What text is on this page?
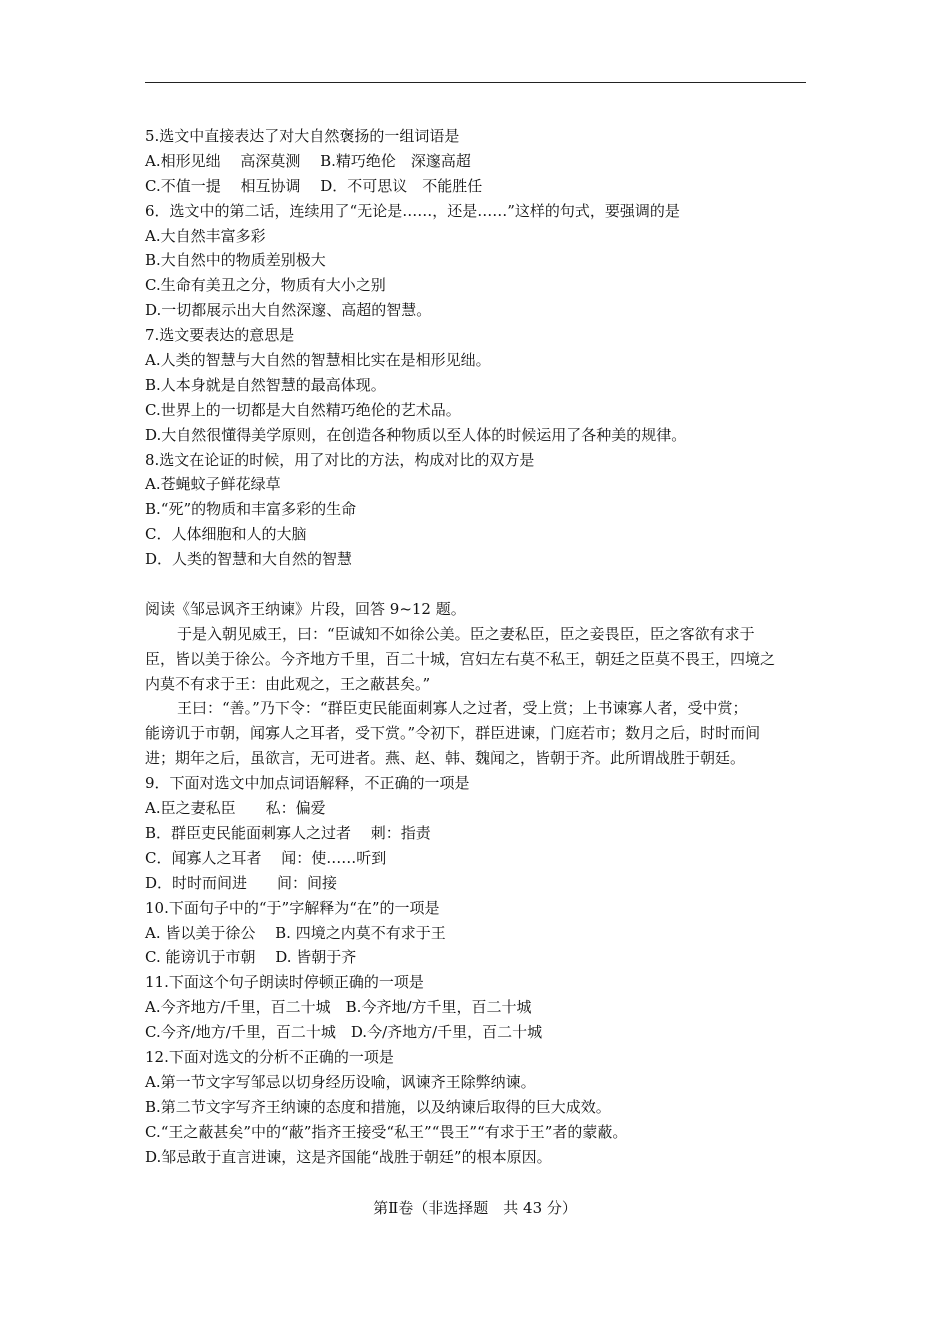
5.选文中直接表达了对大自然褒扬的一组词语是
A.相形见绌　 高深莫测　 B.精巧绝伦　深邃高超
C.不值一提　 相互协调　 D．不可思议　不能胜任
6．选文中的第二话，连续用了“无论是……，还是……”这样的句式，要强调的是
A.大自然丰富多彩
B.大自然中的物质差别极大
C.生命有美丑之分，物质有大小之别
D.一切都展示出大自然深邃、高超的智慧。
7.选文要表达的意思是
A.人类的智慧与大自然的智慧相比实在是相形见绌。
B.人本身就是自然智慧的最高体现。
C.世界上的一切都是大自然精巧绝伦的艺术品。
D.大自然很懂得美学原则，在创造各种物质以至人体的时候运用了各种美的规律。
8.选文在论证的时候，用了对比的方法，构成对比的双方是
A.苍蝇蚊子鲜花绿草
B.“死”的物质和丰富多彩的生命
C．人体细胞和人的大脑
D．人类的智慧和大自然的智慧
阅读《邹忌讽齐王纳谏》片段，回答 9~12 题。
于是入朝见威王，曰：“臣诚知不如徐公美。臣之妻私臣，臣之妾畏臣，臣之客欲有求于
臣，皆以美于徐公。今齐地方千里，百二十城，宫妇左右莫不私王，朝廷之臣莫不畏王，四境之
内莫不有求于王：由此观之，王之蔽甚矣。”
王曰：“善。”乃下令：“群臣吏民能面刺寡人之过者，受上赏；上书谏寡人者，受中赏；
能谤讥于市朝，闻寡人之耳者，受下赏。”令初下，群臣进谏，门庭若市；数月之后，时时而间
进；期年之后，虽欲言，无可进者。燕、赵、韩、魏闻之，皆朝于齐。此所谓战胜于朝廷。
9．下面对选文中加点词语解释，不正确的一项是
A.臣之妻私臣　　私：偏爱
B．群臣吏民能面刺寡人之过者　 刺：指责
C．闻寡人之耳者　 闻：使……听到
D．时时而间进　　间：间接
10.下面句子中的“于”字解释为“在”的一项是
A. 皆以美于徐公　 B. 四境之内莫不有求于王
C. 能谤讥于市朝　 D. 皆朝于齐
11.下面这个句子朗读时停顿正确的一项是
A.今齐地方/千里，百二十城　B.今齐地/方千里，百二十城
C.今齐/地方/千里，百二十城　D.今/齐地方/千里，百二十城
12.下面对选文的分析不正确的一项是
A.第一节文字写邹忌以切身经历设喻，讽谏齐王除弊纳谏。
B.第二节文字写齐王纳谏的态度和措施，以及纳谏后取得的巨大成效。
C.“王之蔽甚矣”中的“蔽”指齐王接受“私王”“畏王”“有求于王”者的蒙蔽。
D.邹忌敢于直言进谏，这是齐国能“战胜于朝廷”的根本原因。
第Ⅱ卷（非选择题　共 43 分）
